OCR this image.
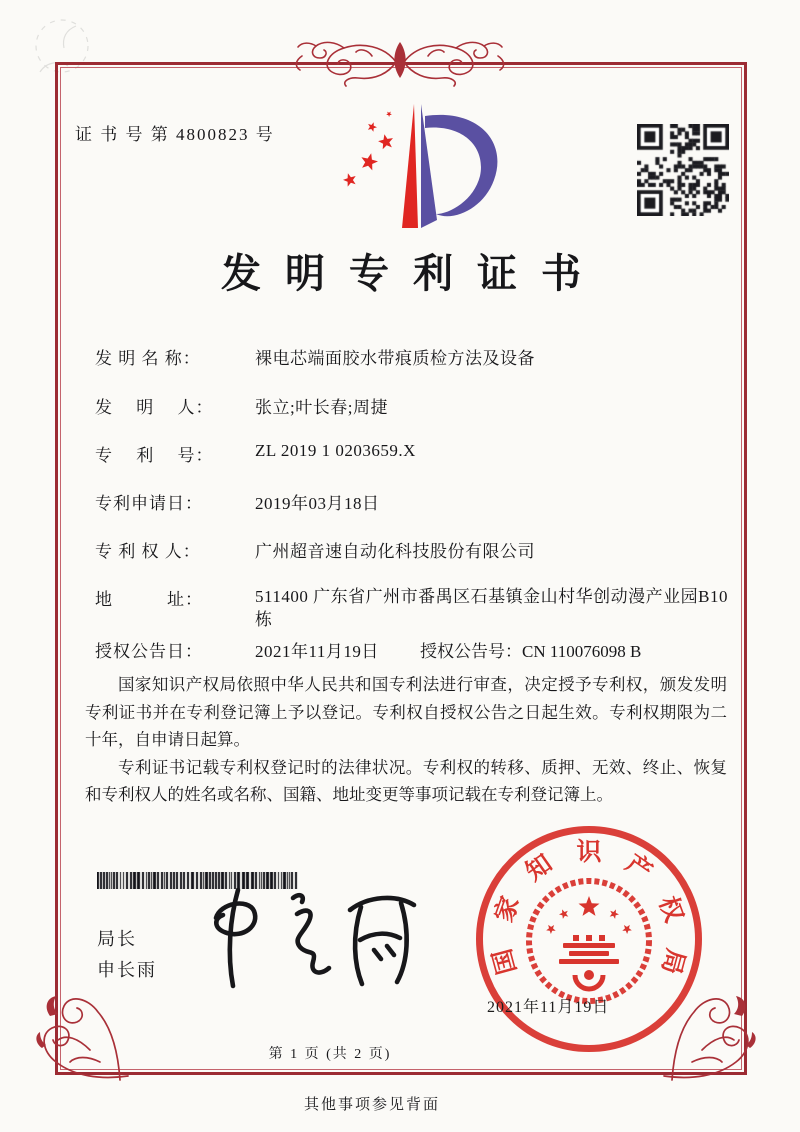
证 书 号 第 4800823 号
发明专利证书
发 明 名 称：	裸电芯端面胶水带痕质检方法及设备
发　 明 　人： 张立;叶长春;周捷
专　 利 　号： ZL 2019 1 0203659.X
专利申请日：	2019年03月18日
专 利 权 人：	广州超音速自动化科技股份有限公司
地　　　址：	511400 广东省广州市番禺区石基镇金山村华创动漫产业园B10栋
授权公告日：	2021年11月19日 授权公告号：CN 110076098 B

国家知识产权局依照中华人民共和国专利法进行审查，决定授予专利权，颁发发明专利证书并在专利登记簿上予以登记。专利权自授权公告之日起生效。专利权期限为二十年，自申请日起算。

专利证书记载专利权登记时的法律状况。专利权的转移、质押、无效、终止、恢复和专利权人的姓名或名称、国籍、地址变更等事项记载在专利登记簿上。

局长
申长雨	国
家
知 识 产
权
局
2021年11月19日
第 1 页 (共 2 页)
其他事项参见背面
